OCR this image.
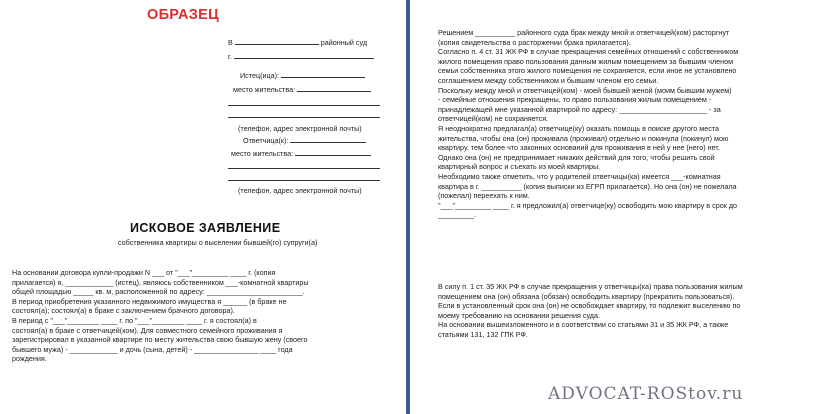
ОБРАЗЕЦ
В	районный суд
г.
Истец(ица):
место жительства:
(телефон, адрес электронной почты)
Ответчица(к):
место жительства:
(телефон, адрес электронной почты)
ИСКОВОЕ ЗАЯВЛЕНИЕ
собственника квартиры о выселении бывшей(го) супруги(а)
На основании договора купли-продажи N ___ от "___"_________ ____ г. (копия
прилагается) я, ____________ (истец), являюсь собственником ___-комнатной квартиры
общей площадью _____ кв. м, расположенной по адресу: ________________________.
В период приобретения указанного недвижимого имущества я ______ (в браке не
состоял(а); состоял(а) в браке с заключением брачного договора).
В период с "___"________ ____ г. по "___"________ ____ г. я состоял(а) в
состоял(а) в браке с ответчицей(ком). Для совместного семейного проживания я
зарегистрировал в указанной квартире по месту жительства свою бывшую жену (своего
бывшего мужа) - ____________ и дочь (сына, детей) - ________________ ____ года
рождения.
Решением __________ районного суда брак между мной и ответчицей(ком) расторгнут
(копия свидетельства о расторжении брака прилагается).
Согласно п. 4 ст. 31 ЖК РФ в случае прекращения семейных отношений с собственником
жилого помещения право пользования данным жилым помещением за бывшим членом
семьи собственника этого жилого помещения не сохраняется, если иное не установлено
соглашением между собственником и бывшим членом его семьи.
Поскольку между мной и ответчицей(ком) - моей бывшей женой (моим бывшим мужем)
- семейные отношения прекращены, то право пользования жилым помещением -
принадлежащей мне указанной квартирой по адресу: ______________________ - за
ответчицей(ком) не сохраняется.
Я неоднократно предлагал(а) ответчице(ку) оказать помощь в поиске другого места
жительства, чтобы она (он) проживала (проживал) отдельно и покинула (покинул) мою
квартиру, тем более что законных оснований для проживания в ней у нее (него) нет.
Однако она (он) не предпринимает никаких действий для того, чтобы решить свой
квартирный вопрос и съехать из моей квартиры.
Необходимо также отметить, что у родителей ответчицы(ка) имеется ___-комнатная
квартира в г. __________ (копия выписки из ЕГРП прилагается). Но она (он) не пожелала
(пожелал) переехать к ним.
"___"_________ ____ г. я предложил(а) ответчице(ку) освободить мою квартиру в срок до
_________.
В силу п. 1 ст. 35 ЖК РФ в случае прекращения у ответчицы(ка) права пользования жилым
помещением она (он) обязана (обязан) освободить квартиру (прекратить пользоваться).
Если в установленный срок она (он) не освобождает квартиру, то подлежит выселению по
моему требованию на основании решения суда.
На основании вышеизложенного и в соответствии со статьями 31 и 35 ЖК РФ, а также
статьями 131, 132 ГПК РФ.
ADVOCAT-ROStov.ru
